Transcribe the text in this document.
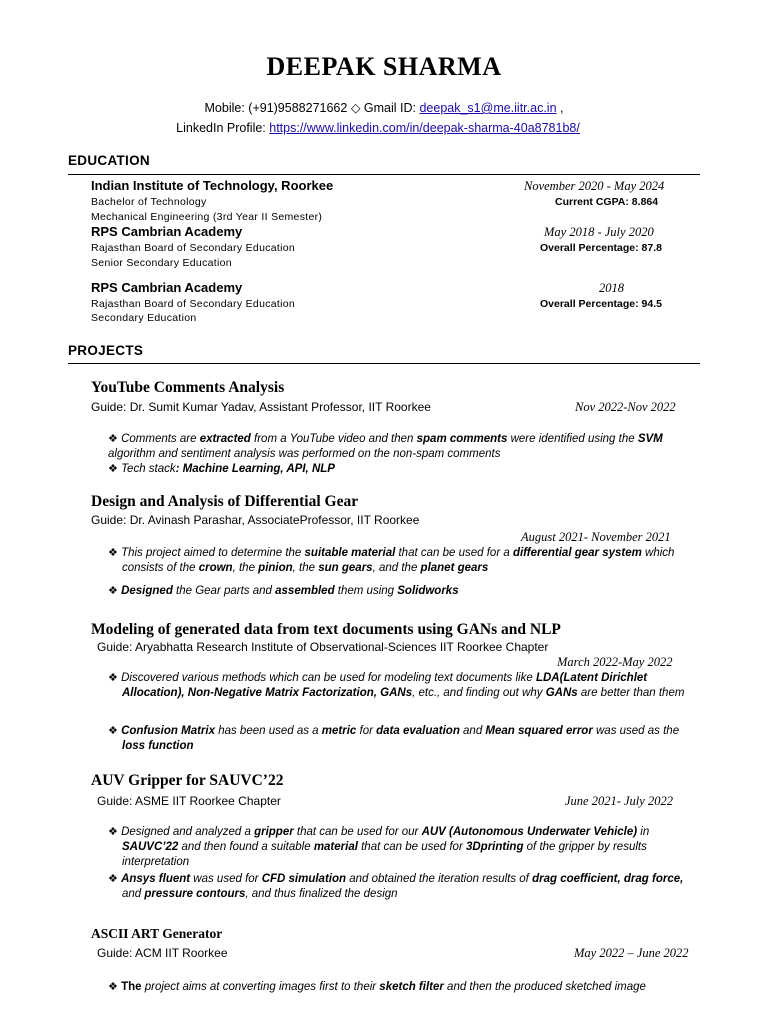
DEEPAK SHARMA
Mobile: (+91)9588271662 ◇ Gmail ID: deepak_s1@me.iitr.ac.in ,
LinkedIn Profile: https://www.linkedin.com/in/deepak-sharma-40a8781b8/
EDUCATION
Indian Institute of Technology, Roorkee	November 2020 - May 2024
Bachelor of Technology	Current CGPA: 8.864
Mechanical Engineering (3rd Year II Semester)
RPS Cambrian Academy	May 2018 - July 2020
Rajasthan Board of Secondary Education	Overall Percentage: 87.8
Senior Secondary Education
RPS Cambrian Academy	2018
Rajasthan Board of Secondary Education	Overall Percentage: 94.5
Secondary Education
PROJECTS
YouTube Comments Analysis
Guide: Dr. Sumit Kumar Yadav, Assistant Professor, IIT Roorkee	Nov 2022-Nov 2022
❖ Comments are extracted from a YouTube video and then spam comments were identified using the SVM algorithm and sentiment analysis was performed on the non-spam comments
❖ Tech stack: Machine Learning, API, NLP
Design and Analysis of Differential Gear
Guide: Dr. Avinash Parashar, AssociateProfessor, IIT Roorkee
August 2021- November 2021
❖ This project aimed to determine the suitable material that can be used for a differential gear system which consists of the crown, the pinion, the sun gears, and the planet gears
❖ Designed the Gear parts and assembled them using Solidworks
Modeling of generated data from text documents using GANs and NLP
Guide: Aryabhatta Research Institute of Observational-Sciences IIT Roorkee Chapter
March 2022-May 2022
❖ Discovered various methods which can be used for modeling text documents like LDA(Latent Dirichlet Allocation), Non-Negative Matrix Factorization, GANs, etc., and finding out why GANs are better than them
❖ Confusion Matrix has been used as a metric for data evaluation and Mean squared error was used as the loss function
AUV Gripper for SAUVC’22
Guide: ASME IIT Roorkee Chapter	June 2021- July 2022
❖ Designed and analyzed a gripper that can be used for our AUV (Autonomous Underwater Vehicle) in SAUVC’22 and then found a suitable material that can be used for 3Dprinting of the gripper by results interpretation
❖ Ansys fluent was used for CFD simulation and obtained the iteration results of drag coefficient, drag force, and pressure contours, and thus finalized the design
ASCII ART Generator
Guide: ACM IIT Roorkee	May 2022 – June 2022
❖ The project aims at converting images first to their sketch filter and then the produced sketched image
